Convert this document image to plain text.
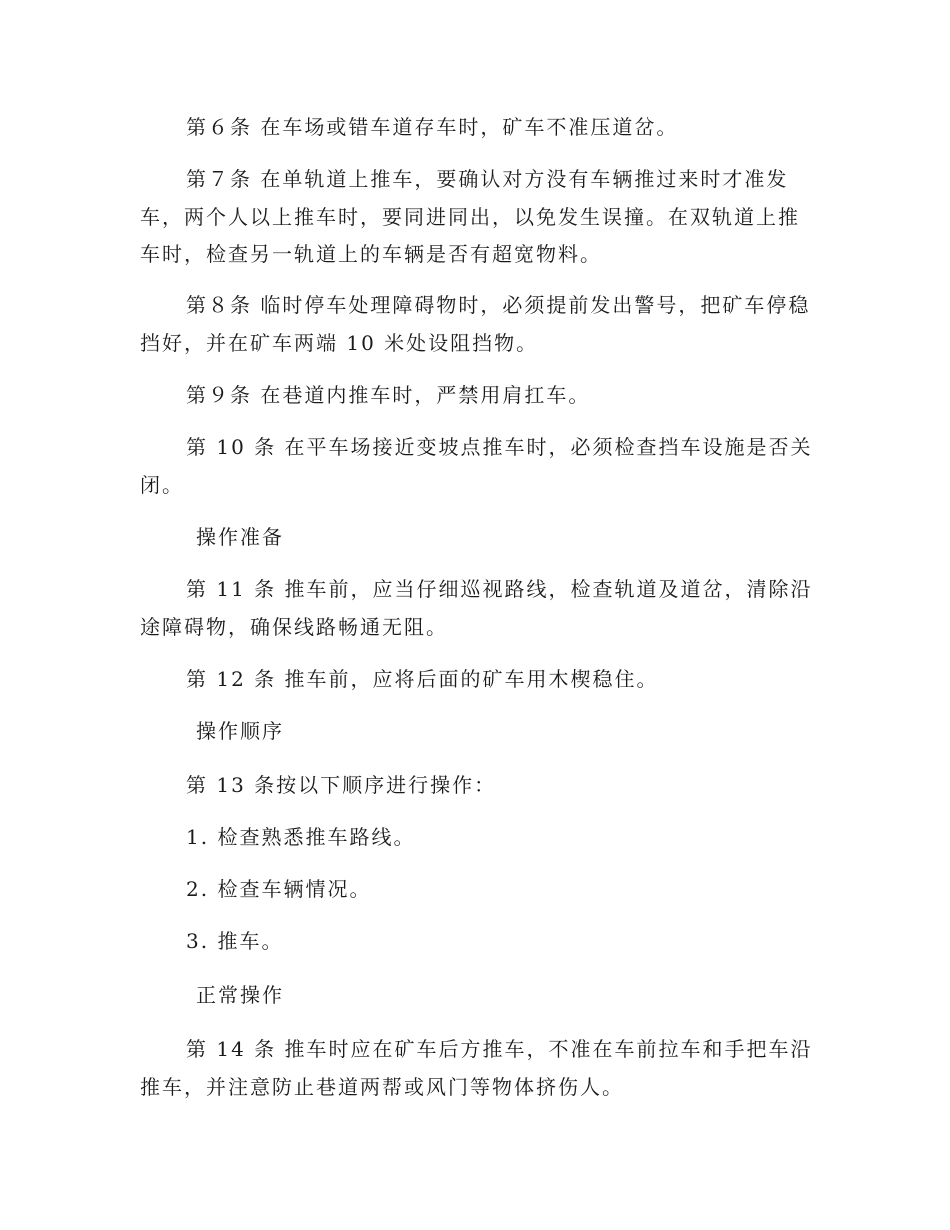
第６条 在车场或错车道存车时，矿车不准压道岔。
第７条 在单轨道上推车，要确认对方没有车辆推过来时才准发
车，两个人以上推车时，要同进同出，以免发生误撞。在双轨道上推
车时，检查另一轨道上的车辆是否有超宽物料。
第８条 临时停车处理障碍物时，必须提前发出警号，把矿车停稳
挡好，并在矿车两端 10 米处设阻挡物。
第９条 在巷道内推车时，严禁用肩扛车。
第 10 条 在平车场接近变坡点推车时，必须检查挡车设施是否关
闭。
操作准备
第 11 条 推车前，应当仔细巡视路线，检查轨道及道岔，清除沿
途障碍物，确保线路畅通无阻。
第 12 条 推车前，应将后面的矿车用木楔稳住。
操作顺序
第 13 条按以下顺序进行操作：
1. 检查熟悉推车路线。
2. 检查车辆情况。
3. 推车。
正常操作
第 14 条 推车时应在矿车后方推车，不准在车前拉车和手把车沿
推车，并注意防止巷道两帮或风门等物体挤伤人。
